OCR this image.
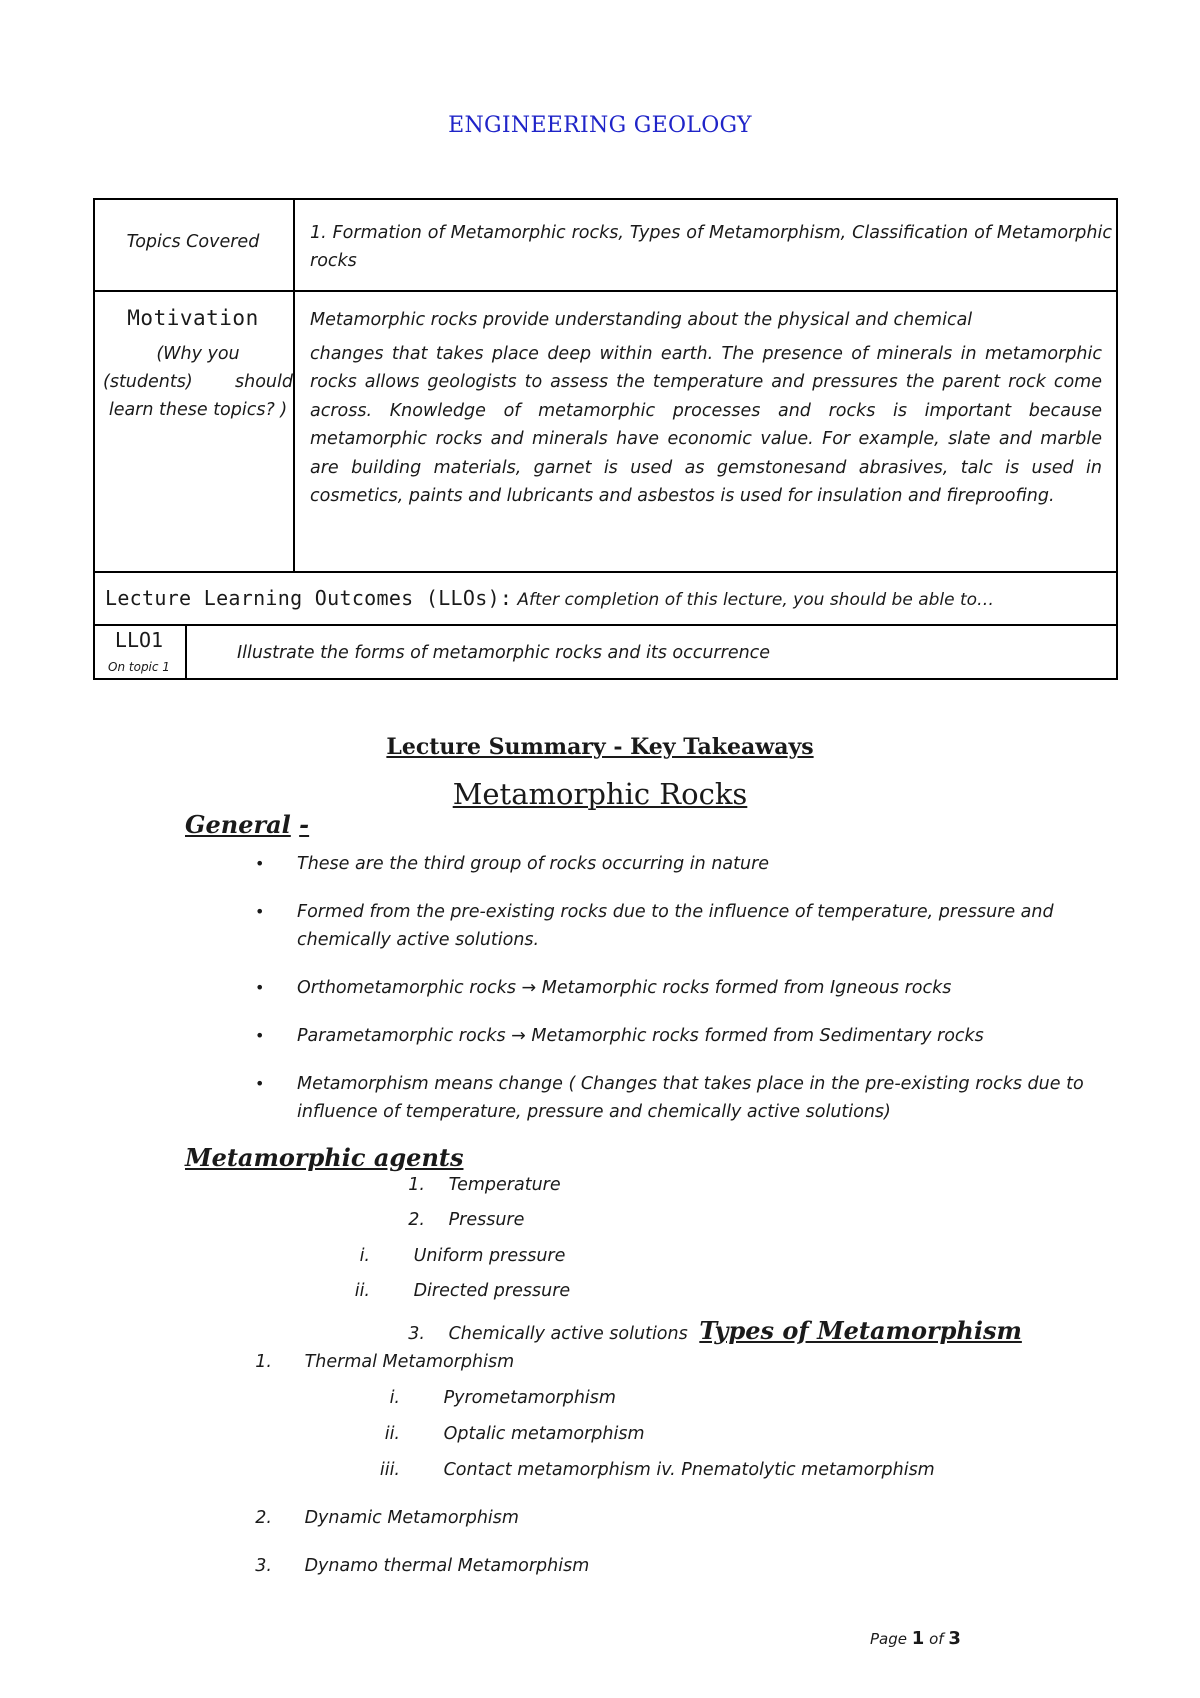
ENGINEERING GEOLOGY
Topics Covered	1. Formation of Metamorphic rocks, Types of Metamorphism, Classification of Metamorphic rocks
Motivation
(Why you
(students) should
learn these topics? )
Metamorphic rocks provide understanding about the physical and chemical
changes that takes place deep within earth. The presence of minerals in metamorphic rocks allows geologists to assess the temperature and pressures the parent rock come across. Knowledge of metamorphic processes and rocks is important because metamorphic rocks and minerals have economic value. For example, slate and marble are building materials, garnet is used as gemstonesand abrasives, talc is used in cosmetics, paints and lubricants and asbestos is used for insulation and fireproofing.
Lecture Learning Outcomes (LLOs): After completion of this lecture, you should be able to…
LLO1
On topic 1
Illustrate the forms of metamorphic rocks and its occurrence
Lecture Summary - Key Takeaways
Metamorphic Rocks
General -
• These are the third group of rocks occurring in nature
• Formed from the pre-existing rocks due to the influence of temperature, pressure and chemically active solutions.
• Orthometamorphic rocks → Metamorphic rocks formed from Igneous rocks
• Parametamorphic rocks → Metamorphic rocks formed from Sedimentary rocks
• Metamorphism means change ( Changes that takes place in the pre-existing rocks due to influence of temperature, pressure and chemically active solutions)
Metamorphic agents
1. Temperature
2. Pressure
i. Uniform pressure
ii. Directed pressure
3. Chemically active solutions Types of Metamorphism
1. Thermal Metamorphism
i. Pyrometamorphism
ii. Optalic metamorphism
iii. Contact metamorphism iv. Pnematolytic metamorphism
2. Dynamic Metamorphism
3. Dynamo thermal Metamorphism
Page 1 of 3
